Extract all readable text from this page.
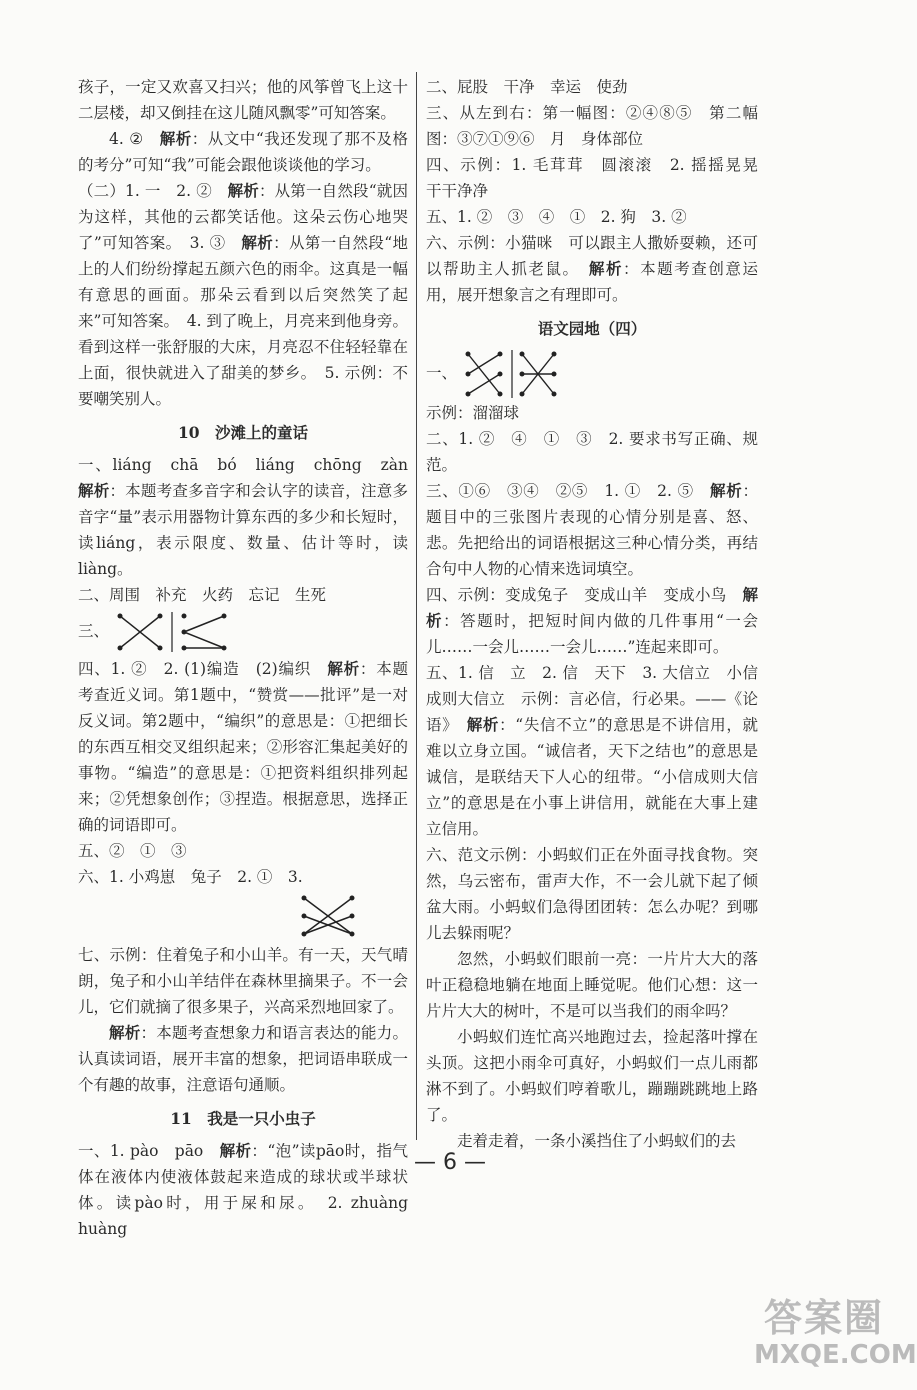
孩子，一定又欢喜又扫兴；他的风筝曾飞上这十二层楼，却又倒挂在这儿随风飘零”可知答案。

4. ②　 解析：从文中“我还发现了那不及格的考分”可知“我”可能会跟他谈谈他的学习。

（二）1. 一　2. ②　 解析：从第一自然段“就因为这样，其他的云都笑话他。这朵云伤心地哭了”可知答案。　3. ③　 解析：从第一自然段“地上的人们纷纷撑起五颜六色的雨伞。这真是一幅有意思的画面。那朵云看到以后突然笑了起来”可知答案。　4. 到了晚上，月亮来到他身旁。看到这样一张舒服的大床，月亮忍不住轻轻靠在上面，很快就进入了甜美的梦乡。　5. 示例：不要嘲笑别人。

10　沙滩上的童话

一、liáng　chā　bó　liáng　chōng　zàn　解析：本题考查多音字和会认字的读音，注意多音字“量”表示用器物计算东西的多少和长短时，读liáng，表示限度、数量、估计等时，读liàng。

二、周围　补充　火药　忘记　生死

三、

四、1. ②　2. (1)编造　(2)编织　 解析：本题考查近义词。第1题中，“赞赏——批评”是一对反义词。第2题中，“编织”的意思是：①把细长的东西互相交叉组织起来；②形容汇集起美好的事物。“编造”的意思是：①把资料组织排列起来；②凭想象创作；③捏造。根据意思，选择正确的词语即可。

五、②　①　③

六、1. 小鸡崽　兔子　2. ①　3.

七、示例：住着兔子和小山羊。有一天，天气晴朗，兔子和小山羊结伴在森林里摘果子。不一会儿，它们就摘了很多果子，兴高采烈地回家了。

解析：本题考查想象力和语言表达的能力。认真读词语，展开丰富的想象，把词语串联成一个有趣的故事，注意语句通顺。

11　我是一只小虫子

一、1. pào　pāo　 解析：“泡”读pāo时，指气体在液体内使液体鼓起来造成的球状或半球状体。读pào时，用于屎和尿。　2. zhuàng　huàng

二、屁股　干净　幸运　使劲

三、从左到右：第一幅图：②④⑧⑤　第二幅图：③⑦①⑨⑥　月　身体部位

四、示例：1. 毛茸茸　圆滚滚　2. 摇摇晃晃　干干净净

五、1. ②　③　④　①　2. 狗　3. ②

六、示例：小猫咪　可以跟主人撒娇耍赖，还可以帮助主人抓老鼠。　 解析：本题考查创意运用，展开想象言之有理即可。

语文园地（四）

一、

示例：溜溜球

二、1. ②　④　①　③　2. 要求书写正确、规范。

三、①⑥　③④　②⑤　1. ①　2. ⑤　 解析：题目中的三张图片表现的心情分别是喜、怒、悲。先把给出的词语根据这三种心情分类，再结合句中人物的心情来选词填空。

四、示例：变成兔子　变成山羊　变成小鸟　 解析：答题时，把短时间内做的几件事用“一会儿……一会儿……一会儿……”连起来即可。

五、1. 信　立　2. 信　天下　3. 大信立　小信成则大信立　示例：言必信，行必果。——《论语》　 解析：“失信不立”的意思是不讲信用，就难以立身立国。“诚信者，天下之结也”的意思是诚信，是联结天下人心的纽带。“小信成则大信立”的意思是在小事上讲信用，就能在大事上建立信用。

六、范文示例：小蚂蚁们正在外面寻找食物。突然，乌云密布，雷声大作，不一会儿就下起了倾盆大雨。小蚂蚁们急得团团转：怎么办呢？到哪儿去躲雨呢？

忽然，小蚂蚁们眼前一亮：一片片大大的落叶正稳稳地躺在地面上睡觉呢。他们心想：这一片片大大的树叶，不是可以当我们的雨伞吗？

小蚂蚁们连忙高兴地跑过去，捡起落叶撑在头顶。这把小雨伞可真好，小蚂蚁们一点儿雨都淋不到了。小蚂蚁们哼着歌儿，蹦蹦跳跳地上路了。

走着走着，一条小溪挡住了小蚂蚁们的去

— 6 —
答案圈
MXQE.COM
